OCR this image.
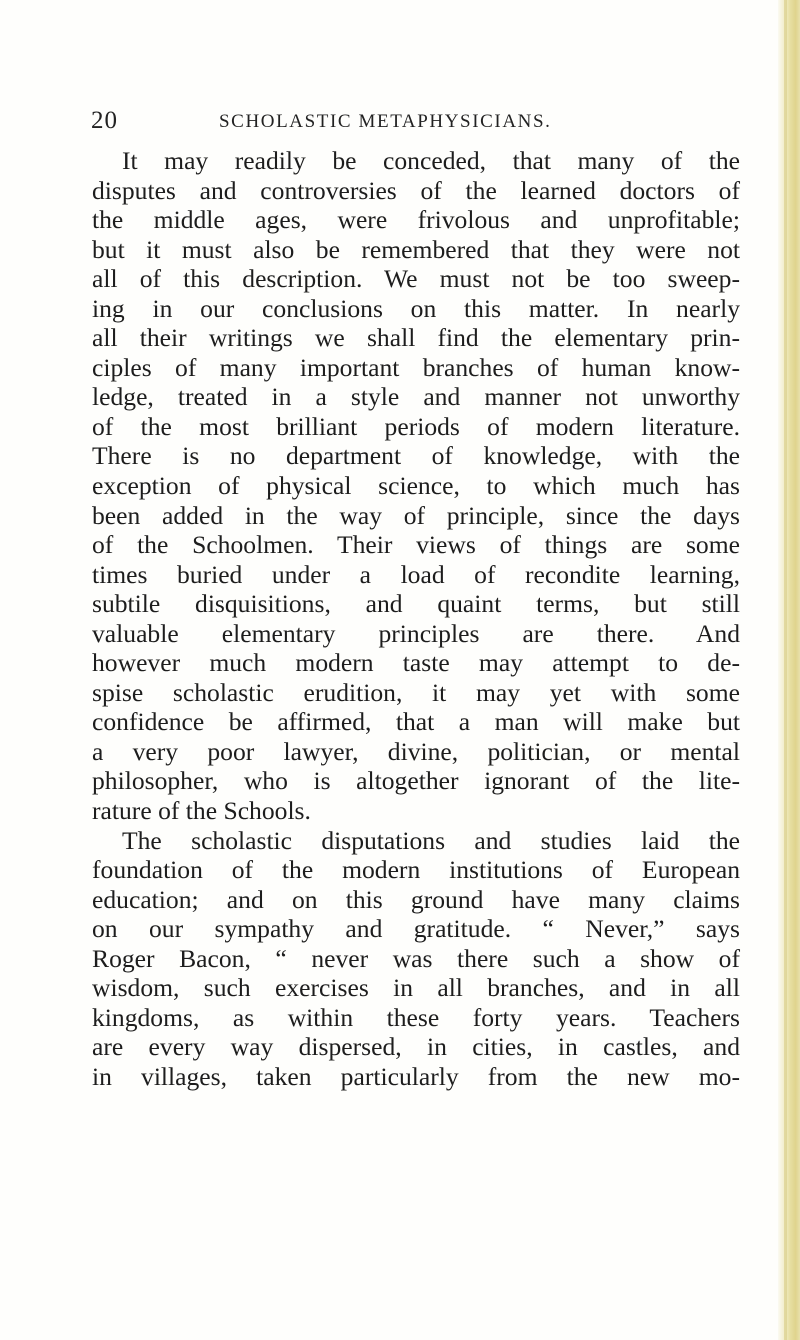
20	SCHOLASTIC METAPHYSICIANS.
It may readily be conceded, that many of the
disputes and controversies of the learned doctors of
the middle ages, were frivolous and unprofitable;
but it must also be remembered that they were not
all of this description. We must not be too sweep-
ing in our conclusions on this matter. In nearly
all their writings we shall find the elementary prin-
ciples of many important branches of human know-
ledge, treated in a style and manner not unworthy
of the most brilliant periods of modern literature.
There is no department of knowledge, with the
exception of physical science, to which much has
been added in the way of principle, since the days
of the Schoolmen. Their views of things are some
times buried under a load of recondite learning,
subtile disquisitions, and quaint terms, but still
valuable elementary principles are there. And
however much modern taste may attempt to de-
spise scholastic erudition, it may yet with some
confidence be affirmed, that a man will make but
a very poor lawyer, divine, politician, or mental
philosopher, who is altogether ignorant of the lite-
rature of the Schools.
The scholastic disputations and studies laid the
foundation of the modern institutions of European
education; and on this ground have many claims
on our sympathy and gratitude. “ Never,” says
Roger Bacon, “ never was there such a show of
wisdom, such exercises in all branches, and in all
kingdoms, as within these forty years. Teachers
are every way dispersed, in cities, in castles, and
in villages, taken particularly from the new mo-
